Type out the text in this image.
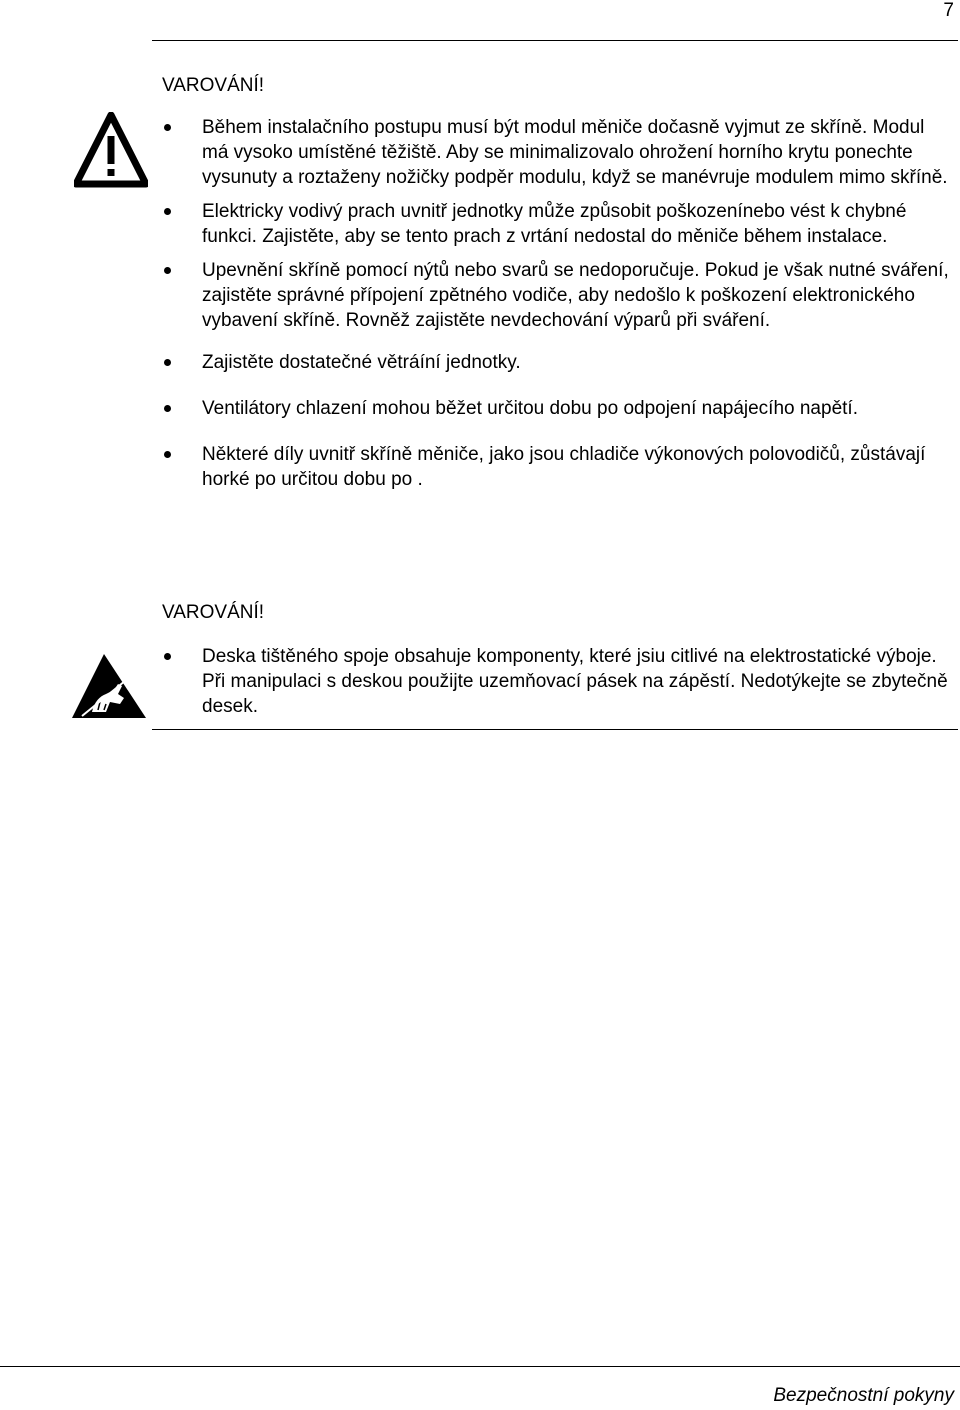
7
VAROVÁNÍ!
Během instalačního postupu musí být modul měniče dočasně vyjmut ze skříně. Modul má vysoko umístěné těžiště. Aby se minimalizovalo ohrožení horního krytu ponechte vysunuty a roztaženy nožičky podpěr modulu, když se manévruje modulem mimo skříně.
Elektricky vodivý prach uvnitř jednotky může způsobit poškozenínebo vést k chybné funkci. Zajistěte, aby se tento prach z vrtání nedostal do měniče během instalace.
Upevnění skříně pomocí nýtů nebo svarů se nedoporučuje. Pokud je však nutné sváření, zajistěte správné přípojení zpětného vodiče, aby nedošlo k poškození elektronického vybavení skříně. Rovněž zajistěte nevdechování výparů při sváření.
Zajistěte dostatečné větráíní jednotky.
Ventilátory chlazení mohou běžet určitou dobu po odpojení napájecího napětí.
Některé díly uvnitř skříně měniče, jako jsou chladiče výkonových polovodičů, zůstávají horké po určitou dobu po .
VAROVÁNÍ!
Deska tištěného spoje obsahuje komponenty, které jsiu citlivé na elektrostatické výboje. Při manipulaci s deskou použijte uzemňovací pásek na zápěstí. Nedotýkejte se zbytečně desek.
Bezpečnostní pokyny
